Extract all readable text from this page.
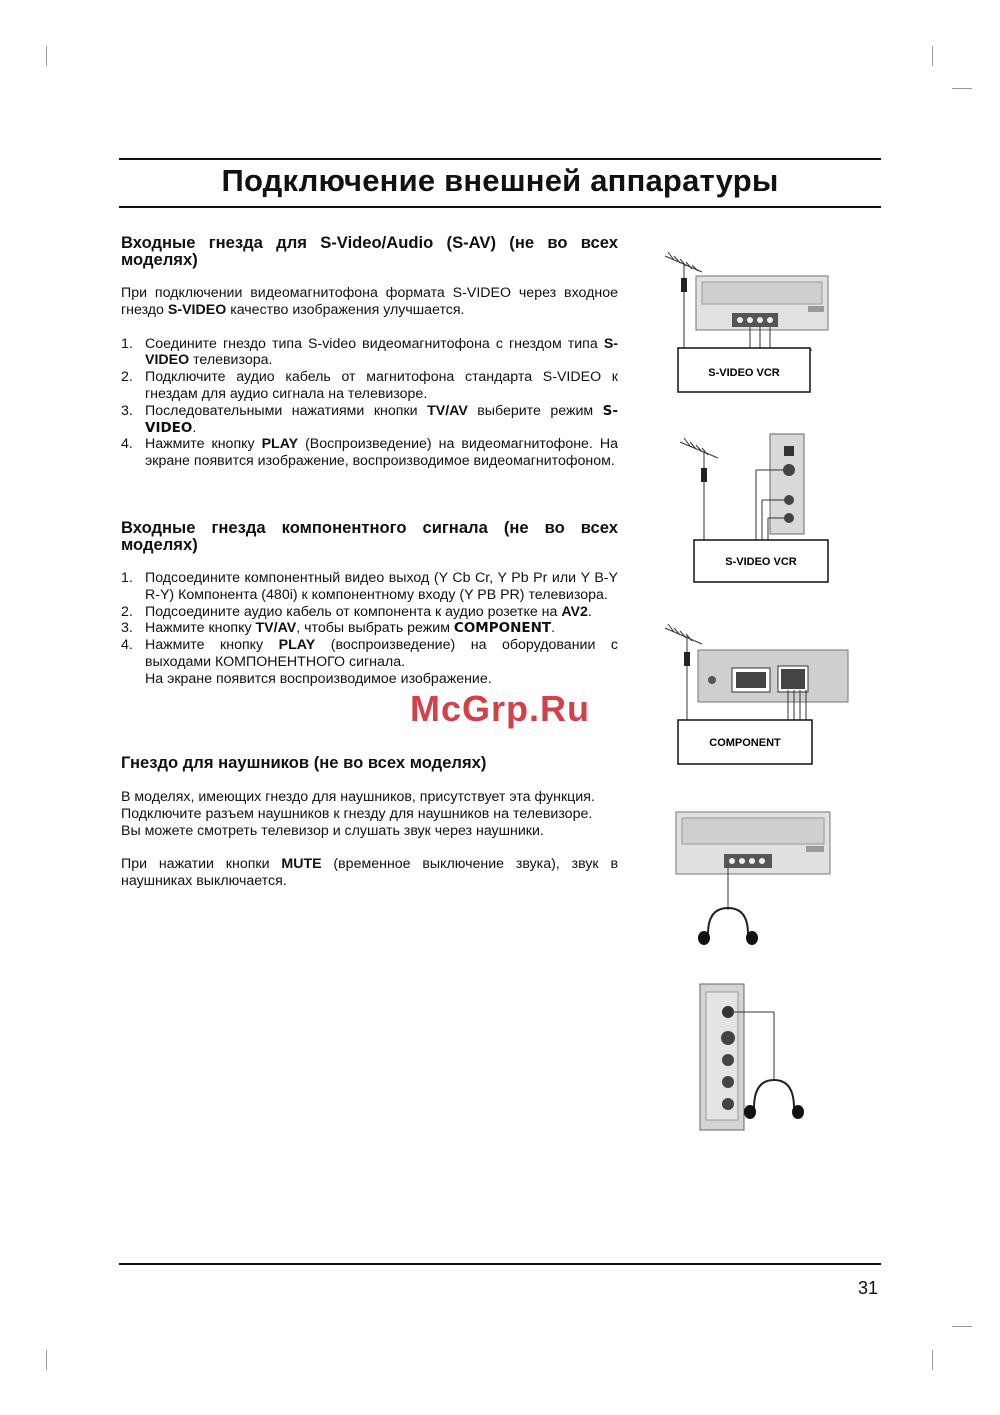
Подключение внешней аппаратуры
Входные гнезда для S-Video/Audio (S-AV) (не во всех моделях)

При подключении видеомагнитофона формата S-VIDEO через входное гнездо S-VIDEO качество изображения улучшается.

1. Соедините гнездо типа S-video видеомагнитофона с гнездом типа S-VIDEO телевизора.
2. Подключите аудио кабель от магнитофона стандарта S-VIDEO к гнездам для аудио сигнала на телевизоре.
3. Последовательными нажатиями кнопки TV/AV выберите режим S-VIDEO.
4. Нажмите кнопку PLAY (Воспроизведение) на видеомагнитофоне. На экране появится изображение, воспроизводимое видеомагнитофоном.
Входные гнезда компонентного сигнала (не во всех моделях)
1. Подсоедините компонентный видео выход (Y Cb Cr, Y Pb Pr или Y B-Y R-Y) Компонента (480i) к компонентному входу (Y PB PR) телевизора.
2. Подсоедините аудио кабель от компонента к аудио розетке на AV2.
3. Нажмите кнопку TV/AV, чтобы выбрать режим COMPONENT.
4. Нажмите кнопку PLAY (воспроизведение) на оборудовании с выходами КОМПОНЕНТНОГО сигнала.
На экране появится воспроизводимое изображение.
Гнездо для наушников (не во всех моделях)

В моделях, имеющих гнездо для наушников, присутствует эта функция.

Подключите разъем наушников к гнезду для наушников на телевизоре.

Вы можете смотреть телевизор и слушать звук через наушники.

При нажатии кнопки MUTE (временное выключение звука), звук в наушниках выключается.

S-VIDEO VCR
S-VIDEO VCR
COMPONENT
McGrp.Ru
31
